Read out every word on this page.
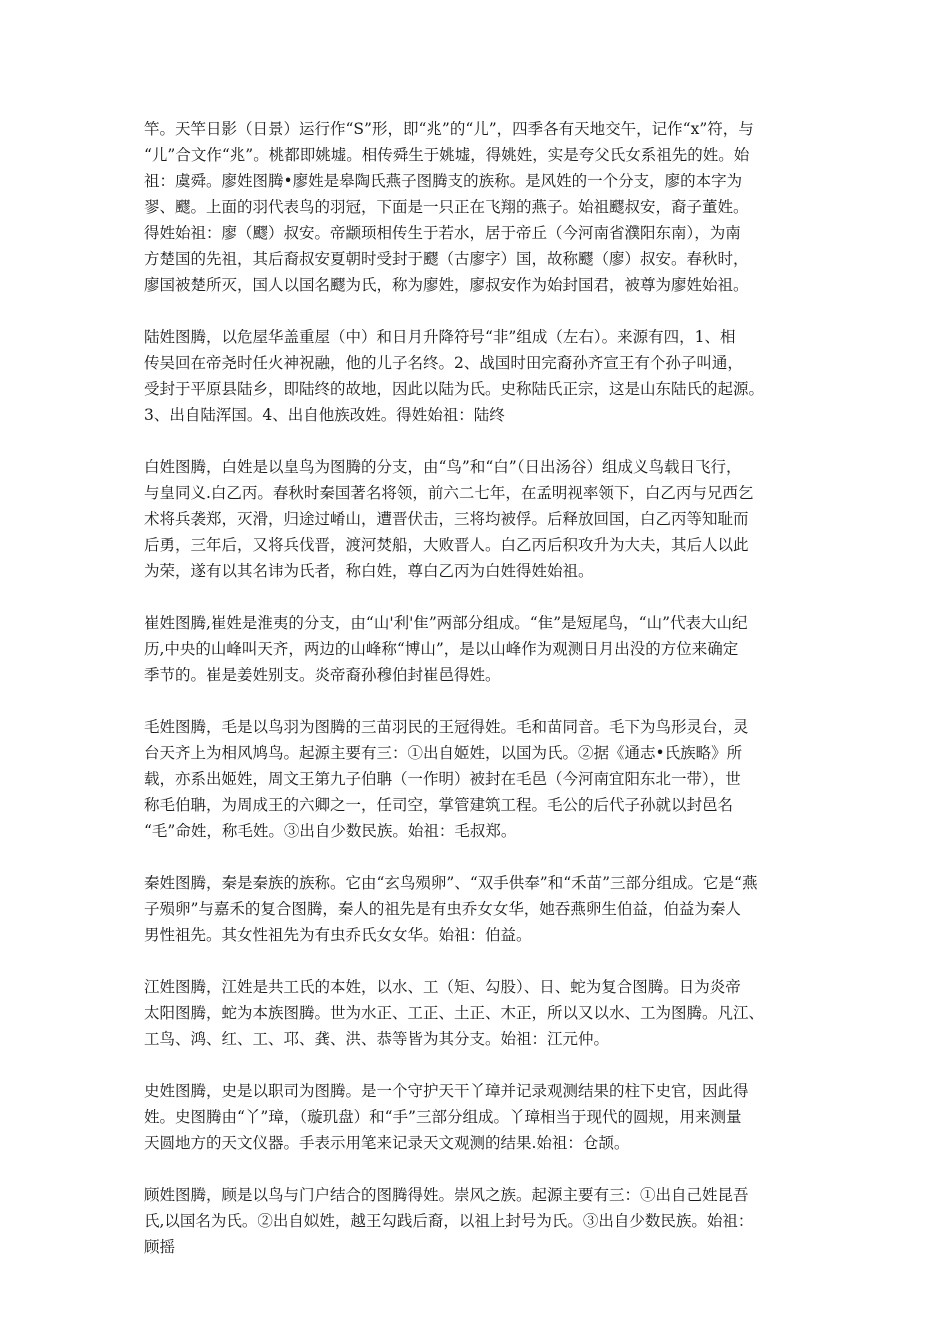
竿。天竿日影（日景）运行作“S”形，即“兆”的“儿”，四季各有天地交午，记作“x”符，与
“儿”合文作“兆”。桃都即姚墟。相传舜生于姚墟，得姚姓，实是夸父氏女系祖先的姓。始
祖：虞舜。廖姓图腾•廖姓是皋陶氏燕子图腾支的族称。是风姓的一个分支，廖的本字为
翏、飂。上面的羽代表鸟的羽冠，下面是一只正在飞翔的燕子。始祖飂叔安，裔子董姓。
得姓始祖：廖（飂）叔安。帝颛顼相传生于若水，居于帝丘（今河南省濮阳东南），为南
方楚国的先祖，其后裔叔安夏朝时受封于飂（古廖字）国，故称飂（廖）叔安。春秋时，
廖国被楚所灭，国人以国名飂为氏，称为廖姓，廖叔安作为始封国君，被尊为廖姓始祖。
陆姓图腾，以危屋华盖重屋（中）和日月升降符号“非”组成（左右）。来源有四，1、相
传吴回在帝尧时任火神祝融，他的儿子名终。2、战国时田完裔孙齐宣王有个孙子叫通，
受封于平原县陆乡，即陆终的故地，因此以陆为氏。史称陆氏正宗，这是山东陆氏的起源。
3、出自陆浑国。4、出自他族改姓。得姓始祖：陆终
白姓图腾，白姓是以皇鸟为图腾的分支，由“鸟”和“白”（日出汤谷）组成义鸟载日飞行，
与皇同义.白乙丙。春秋时秦国著名将领，前六二七年，在孟明视率领下，白乙丙与兄西乞
术将兵袭郑，灭滑，归途过崤山，遭晋伏击，三将均被俘。后释放回国，白乙丙等知耻而
后勇，三年后，又将兵伐晋，渡河焚船，大败晋人。白乙丙后积攻升为大夫，其后人以此
为荣，遂有以其名讳为氏者，称白姓，尊白乙丙为白姓得姓始祖。
崔姓图腾,崔姓是淮夷的分支，由“山'利'隹”两部分组成。“隹”是短尾鸟，“山”代表大山纪
历,中央的山峰叫天齐，两边的山峰称“博山”，是以山峰作为观测日月出没的方位来确定
季节的。崔是姜姓别支。炎帝裔孙穆伯封崔邑得姓。
毛姓图腾，毛是以鸟羽为图腾的三苗羽民的王冠得姓。毛和苗同音。毛下为鸟形灵台，灵
台天齐上为相风鸠鸟。起源主要有三：①出自姬姓，以国为氏。②据《通志•氏族略》所
载，亦系出姬姓，周文王第九子伯聃（一作明）被封在毛邑（今河南宜阳东北一带），世
称毛伯聃，为周成王的六卿之一，任司空，掌管建筑工程。毛公的后代子孙就以封邑名
“毛”命姓，称毛姓。③出自少数民族。始祖：毛叔郑。
秦姓图腾，秦是秦族的族称。它由“玄鸟殒卵”、“双手供奉”和“禾苗”三部分组成。它是“燕
子殒卵”与嘉禾的复合图腾，秦人的祖先是有虫乔女女华，她吞燕卵生伯益，伯益为秦人
男性祖先。其女性祖先为有虫乔氏女女华。始祖：伯益。
江姓图腾，江姓是共工氏的本姓，以水、工（矩、勾股）、日、蛇为复合图腾。日为炎帝
太阳图腾，蛇为本族图腾。世为水正、工正、土正、木正，所以又以水、工为图腾。凡江、
工鸟、鸿、红、工、邛、龚、洪、恭等皆为其分支。始祖：江元仲。
史姓图腾，史是以职司为图腾。是一个守护天干丫璋并记录观测结果的柱下史官，因此得
姓。史图腾由“丫”璋，（璇玑盘）和“手”三部分组成。丫璋相当于现代的圆规，用来测量
天圆地方的天文仪器。手表示用笔来记录天文观测的结果.始祖：仓颉。
顾姓图腾，顾是以鸟与门户结合的图腾得姓。崇风之族。起源主要有三：①出自己姓昆吾
氏,以国名为氏。②出自姒姓，越王勾践后裔，以祖上封号为氏。③出自少数民族。始祖：
顾摇
